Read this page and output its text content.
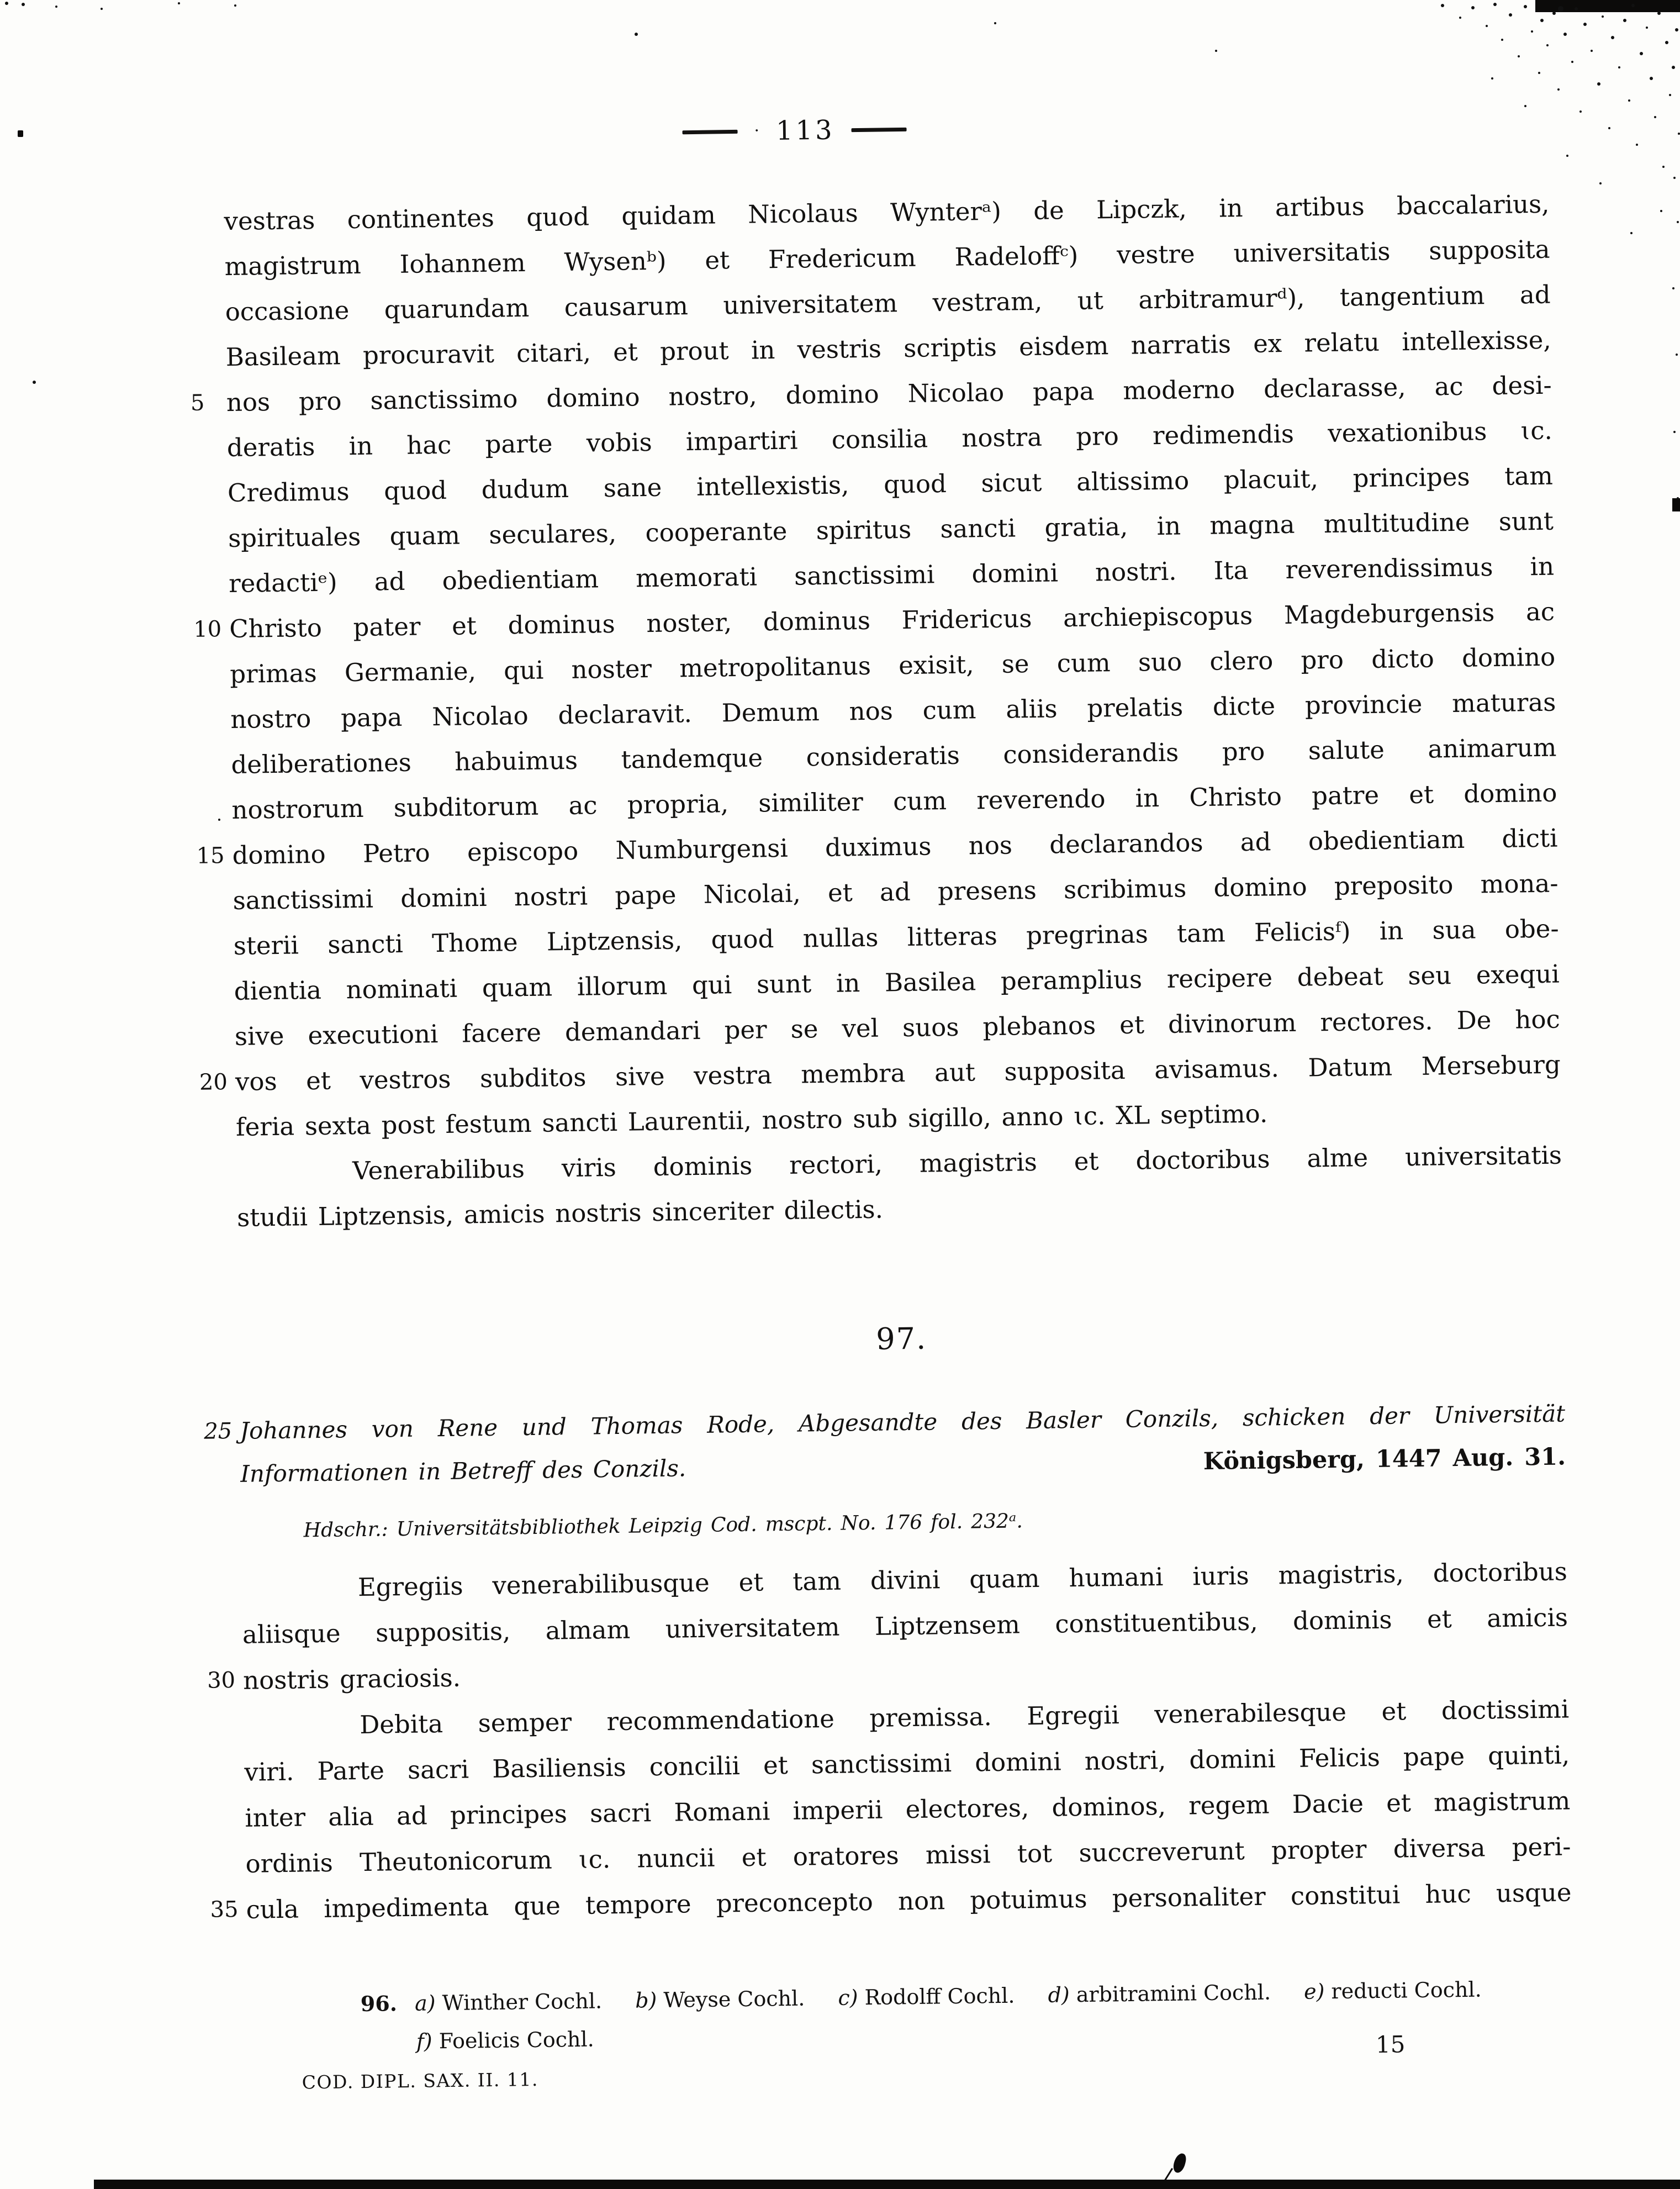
· 113
vestras continentes quod quidam Nicolaus Wynterᵃ) de Lipczk, in artibus baccalarius,
magistrum Iohannem Wysenᵇ) et Fredericum Radeloffᶜ) vestre universitatis supposita
occasione quarundam causarum universitatem vestram, ut arbitramurᵈ), tangentium ad
Basileam procuravit citari, et prout in vestris scriptis eisdem narratis ex relatu intellexisse,
5 nos pro sanctissimo domino nostro, domino Nicolao papa moderno declarasse, ac desi-
deratis in hac parte vobis impartiri consilia nostra pro redimendis vexationibus ɩc.
Credimus quod dudum sane intellexistis, quod sicut altissimo placuit, principes tam
spirituales quam seculares, cooperante spiritus sancti gratia, in magna multitudine sunt
redactiᵉ) ad obedientiam memorati sanctissimi domini nostri. Ita reverendissimus in
10 Christo pater et dominus noster, dominus Fridericus archiepiscopus Magdeburgensis ac
primas Germanie, qui noster metropolitanus exisit, se cum suo clero pro dicto domino
nostro papa Nicolao declaravit. Demum nos cum aliis prelatis dicte provincie maturas
deliberationes habuimus tandemque consideratis considerandis pro salute animarum
nostrorum subditorum ac propria, similiter cum reverendo in Christo patre et domino
15 domino Petro episcopo Numburgensi duximus nos declarandos ad obedientiam dicti
sanctissimi domini nostri pape Nicolai, et ad presens scribimus domino preposito mona-
sterii sancti Thome Liptzensis, quod nullas litteras pregrinas tam Felicisᶠ) in sua obe-
dientia nominati quam illorum qui sunt in Basilea peramplius recipere debeat seu exequi
sive executioni facere demandari per se vel suos plebanos et divinorum rectores. De hoc
20 vos et vestros subditos sive vestra membra aut supposita avisamus. Datum Merseburg
feria sexta post festum sancti Laurentii, nostro sub sigillo, anno ɩc. XL septimo.
Venerabilibus viris dominis rectori, magistris et doctoribus alme universitatis
studii Liptzensis, amicis nostris sinceriter dilectis.
97.
25 Johannes von Rene und Thomas Rode, Abgesandte des Basler Conzils, schicken der Universität
Informationen in Betreff des Conzils.	Königsberg, 1447 Aug. 31.
Hdschr.: Universitätsbibliothek Leipzig Cod. mscpt. No. 176 fol. 232ᵃ.
Egregiis venerabilibusque et tam divini quam humani iuris magistris, doctoribus
aliisque suppositis, almam universitatem Liptzensem constituentibus, dominis et amicis
30 nostris graciosis.
Debita semper recommendatione premissa. Egregii venerabilesque et doctissimi
viri. Parte sacri Basiliensis concilii et sanctissimi domini nostri, domini Felicis pape quinti,
inter alia ad principes sacri Romani imperii electores, dominos, regem Dacie et magistrum
ordinis Theutonicorum ɩc. nuncii et oratores missi tot succreverunt propter diversa peri-
35 cula impedimenta que tempore preconcepto non potuimus personaliter constitui huc usque
96. a) Winther Cochl. b) Weyse Cochl. c) Rodolff Cochl. d) arbitramini Cochl. e) reducti Cochl.
f) Foelicis Cochl.	15
COD. DIPL. SAX. II. 11.
